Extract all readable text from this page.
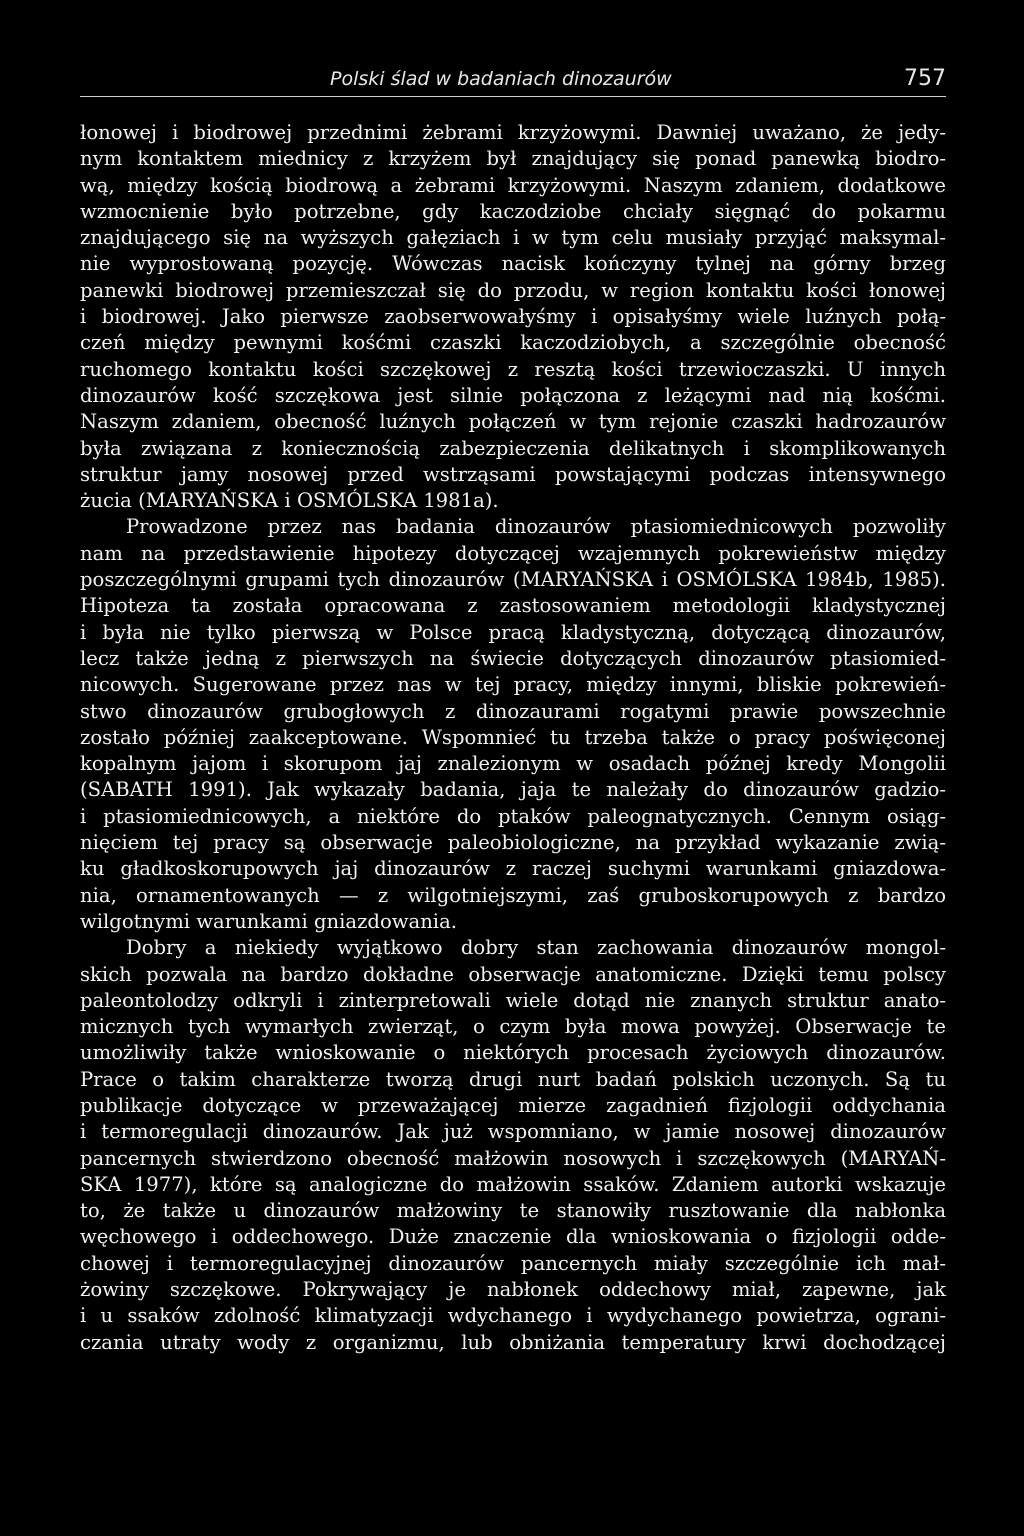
Polski ślad w badaniach dinozaurów	757
łonowej i biodrowej przednimi żebrami krzyżowymi. Dawniej uważano, że jedy-
nym kontaktem miednicy z krzyżem był znajdujący się ponad panewką biodro-
wą, między kością biodrową a żebrami krzyżowymi. Naszym zdaniem, dodatkowe
wzmocnienie było potrzebne, gdy kaczodziobe chciały sięgnąć do pokarmu
znajdującego się na wyższych gałęziach i w tym celu musiały przyjąć maksymal-
nie wyprostowaną pozycję. Wówczas nacisk kończyny tylnej na górny brzeg
panewki biodrowej przemieszczał się do przodu, w region kontaktu kości łonowej
i biodrowej. Jako pierwsze zaobserwowałyśmy i opisałyśmy wiele luźnych połą-
czeń między pewnymi kośćmi czaszki kaczodziobych, a szczególnie obecność
ruchomego kontaktu kości szczękowej z resztą kości trzewioczaszki. U innych
dinozaurów kość szczękowa jest silnie połączona z leżącymi nad nią kośćmi.
Naszym zdaniem, obecność luźnych połączeń w tym rejonie czaszki hadrozaurów
była związana z koniecznością zabezpieczenia delikatnych i skomplikowanych
struktur jamy nosowej przed wstrząsami powstającymi podczas intensywnego
żucia (MARYAŃSKA i OSMÓLSKA 1981a).
Prowadzone przez nas badania dinozaurów ptasiomiednicowych pozwoliły
nam na przedstawienie hipotezy dotyczącej wzajemnych pokrewieństw między
poszczególnymi grupami tych dinozaurów (MARYAŃSKA i OSMÓLSKA 1984b, 1985).
Hipoteza ta została opracowana z zastosowaniem metodologii kladystycznej
i była nie tylko pierwszą w Polsce pracą kladystyczną, dotyczącą dinozaurów,
lecz także jedną z pierwszych na świecie dotyczących dinozaurów ptasiomied-
nicowych. Sugerowane przez nas w tej pracy, między innymi, bliskie pokrewień-
stwo dinozaurów grubogłowych z dinozaurami rogatymi prawie powszechnie
zostało później zaakceptowane. Wspomnieć tu trzeba także o pracy poświęconej
kopalnym jajom i skorupom jaj znalezionym w osadach późnej kredy Mongolii
(SABATH 1991). Jak wykazały badania, jaja te należały do dinozaurów gadzio-
i ptasiomiednicowych, a niektóre do ptaków paleognatycznych. Cennym osiąg-
nięciem tej pracy są obserwacje paleobiologiczne, na przykład wykazanie zwią-
ku gładkoskorupowych jaj dinozaurów z raczej suchymi warunkami gniazdowa-
nia, ornamentowanych — z wilgotniejszymi, zaś gruboskorupowych z bardzo
wilgotnymi warunkami gniazdowania.
Dobry a niekiedy wyjątkowo dobry stan zachowania dinozaurów mongol-
skich pozwala na bardzo dokładne obserwacje anatomiczne. Dzięki temu polscy
paleontolodzy odkryli i zinterpretowali wiele dotąd nie znanych struktur anato-
micznych tych wymarłych zwierząt, o czym była mowa powyżej. Obserwacje te
umożliwiły także wnioskowanie o niektórych procesach życiowych dinozaurów.
Prace o takim charakterze tworzą drugi nurt badań polskich uczonych. Są tu
publikacje dotyczące w przeważającej mierze zagadnień fizjologii oddychania
i termoregulacji dinozaurów. Jak już wspomniano, w jamie nosowej dinozaurów
pancernych stwierdzono obecność małżowin nosowych i szczękowych (MARYAŃ-
SKA 1977), które są analogiczne do małżowin ssaków. Zdaniem autorki wskazuje
to, że także u dinozaurów małżowiny te stanowiły rusztowanie dla nabłonka
węchowego i oddechowego. Duże znaczenie dla wnioskowania o fizjologii odde-
chowej i termoregulacyjnej dinozaurów pancernych miały szczególnie ich mał-
żowiny szczękowe. Pokrywający je nabłonek oddechowy miał, zapewne, jak
i u ssaków zdolność klimatyzacji wdychanego i wydychanego powietrza, ograni-
czania utraty wody z organizmu, lub obniżania temperatury krwi dochodzącej
